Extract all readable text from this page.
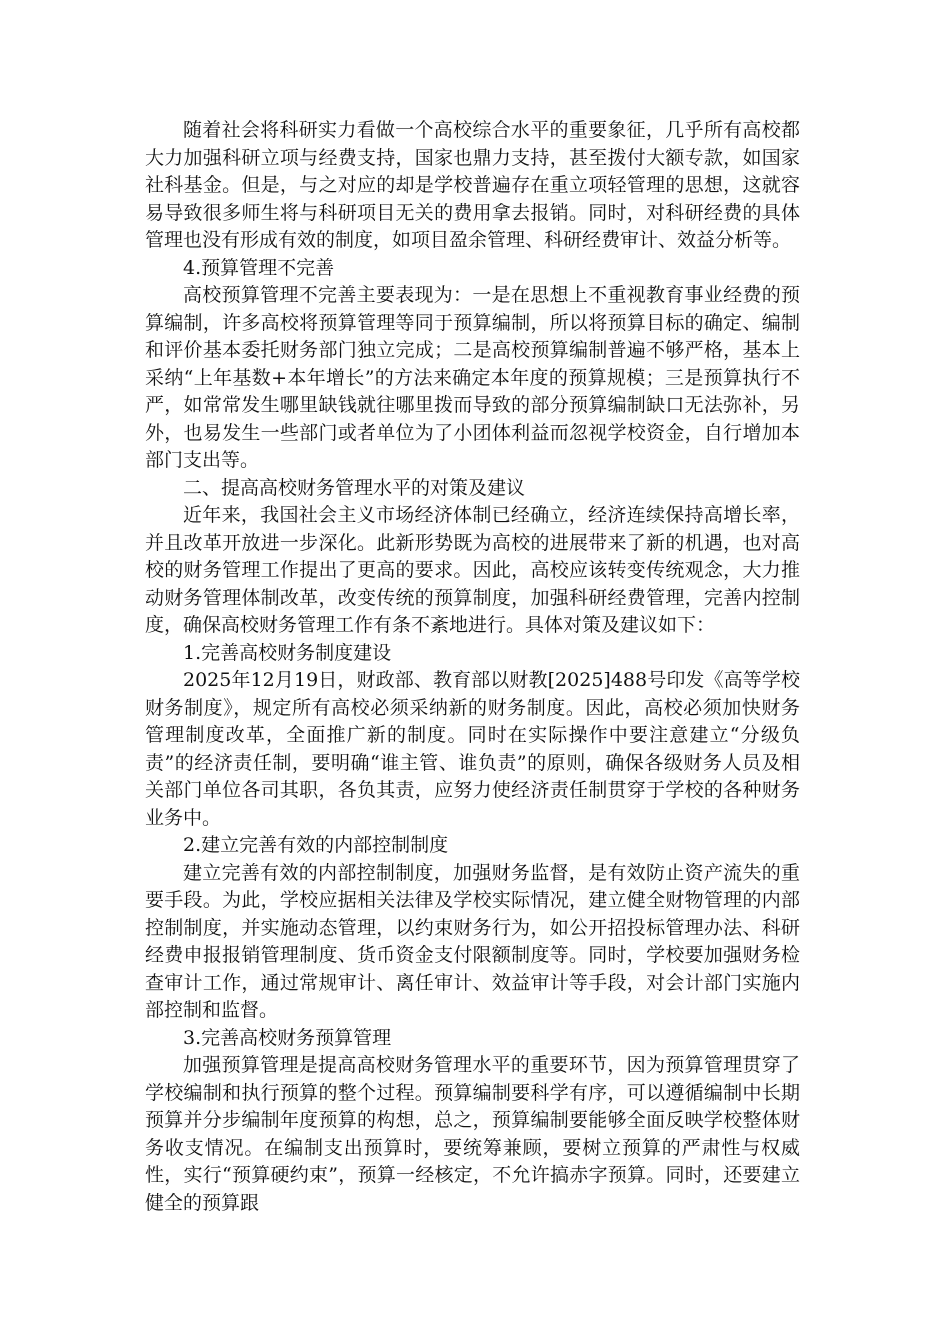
随着社会将科研实力看做一个高校综合水平的重要象征，几乎所有高校都大力加强科研立项与经费支持，国家也鼎力支持，甚至拨付大额专款，如国家社科基金。但是，与之对应的却是学校普遍存在重立项轻管理的思想，这就容易导致很多师生将与科研项目无关的费用拿去报销。同时，对科研经费的具体管理也没有形成有效的制度，如项目盈余管理、科研经费审计、效益分析等。

4.预算管理不完善

高校预算管理不完善主要表现为：一是在思想上不重视教育事业经费的预算编制，许多高校将预算管理等同于预算编制，所以将预算目标的确定、编制和评价基本委托财务部门独立完成；二是高校预算编制普遍不够严格，基本上采纳“上年基数+本年增长”的方法来确定本年度的预算规模；三是预算执行不严，如常常发生哪里缺钱就往哪里拨而导致的部分预算编制缺口无法弥补，另外，也易发生一些部门或者单位为了小团体利益而忽视学校资金，自行增加本部门支出等。

二、提高高校财务管理水平的对策及建议

近年来，我国社会主义市场经济体制已经确立，经济连续保持高增长率，并且改革开放进一步深化。此新形势既为高校的进展带来了新的机遇，也对高校的财务管理工作提出了更高的要求。因此，高校应该转变传统观念，大力推动财务管理体制改革，改变传统的预算制度，加强科研经费管理，完善内控制度，确保高校财务管理工作有条不紊地进行。具体对策及建议如下：

1.完善高校财务制度建设

2025年12月19日，财政部、教育部以财教[2025]488号印发《高等学校财务制度》，规定所有高校必须采纳新的财务制度。因此，高校必须加快财务管理制度改革，全面推广新的制度。同时在实际操作中要注意建立“分级负责”的经济责任制，要明确“谁主管、谁负责”的原则，确保各级财务人员及相关部门单位各司其职，各负其责，应努力使经济责任制贯穿于学校的各种财务业务中。

2.建立完善有效的内部控制制度

建立完善有效的内部控制制度，加强财务监督，是有效防止资产流失的重要手段。为此，学校应据相关法律及学校实际情况，建立健全财物管理的内部控制制度，并实施动态管理，以约束财务行为，如公开招投标管理办法、科研经费申报报销管理制度、货币资金支付限额制度等。同时，学校要加强财务检查审计工作，通过常规审计、离任审计、效益审计等手段，对会计部门实施内部控制和监督。

3.完善高校财务预算管理

加强预算管理是提高高校财务管理水平的重要环节，因为预算管理贯穿了学校编制和执行预算的整个过程。预算编制要科学有序，可以遵循编制中长期预算并分步编制年度预算的构想，总之，预算编制要能够全面反映学校整体财务收支情况。在编制支出预算时，要统筹兼顾，要树立预算的严肃性与权威性，实行“预算硬约束”，预算一经核定，不允许搞赤字预算。同时，还要建立健全的预算跟
